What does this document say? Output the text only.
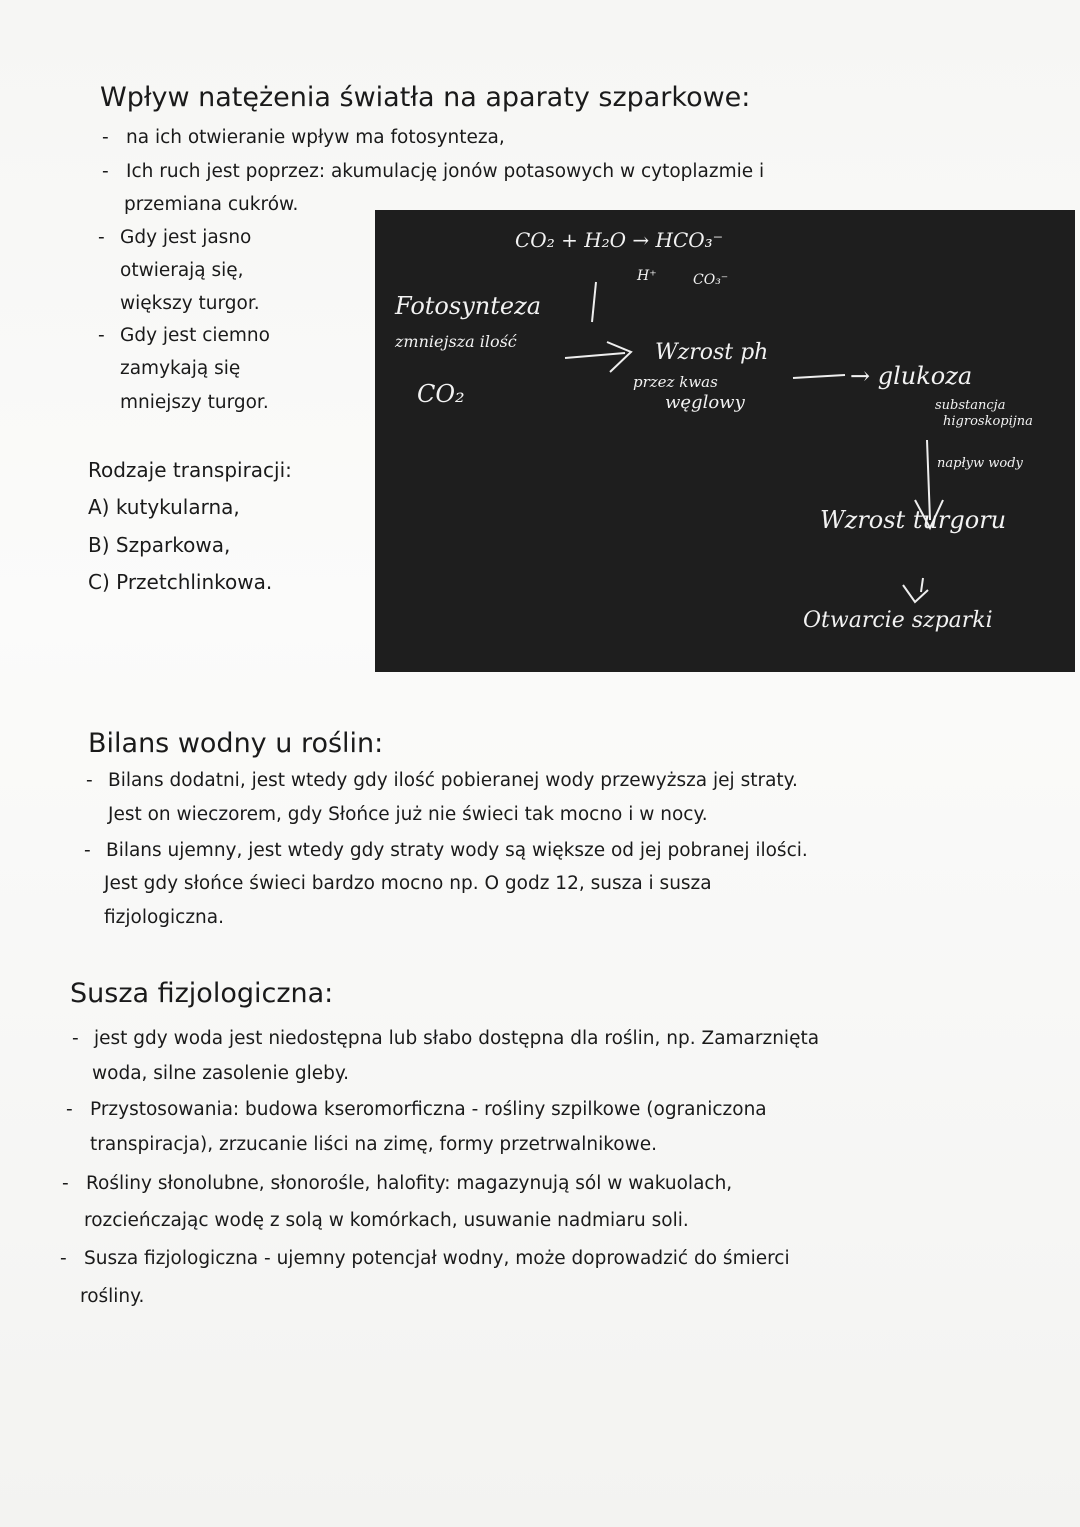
Wpływ natężenia światła na aparaty szparkowe:
- na ich otwieranie wpływ ma fotosynteza,
- Ich ruch jest poprzez: akumulację jonów potasowych w cytoplazmie i
przemiana cukrów.
- Gdy jest jasno
otwierają się,
większy turgor.
- Gdy jest ciemno
zamykają się
mniejszy turgor.
Rodzaje transpiracji:
A) kutykularna,
B) Szparkowa,
C) Przetchlinkowa.
CO₂ + H₂O → HCO₃⁻
H⁺	CO₃⁻
Fotosynteza
zmniejsza ilość
CO₂
Wzrost ph
przez kwas
węglowy
→ glukoza
substancja
higroskopijna
napływ wody
Wzrost turgoru
Otwarcie szparki
Bilans wodny u roślin:
- Bilans dodatni, jest wtedy gdy ilość pobieranej wody przewyższa jej straty.
Jest on wieczorem, gdy Słońce już nie świeci tak mocno i w nocy.
- Bilans ujemny, jest wtedy gdy straty wody są większe od jej pobranej ilości.
Jest gdy słońce świeci bardzo mocno np. O godz 12, susza i susza
fizjologiczna.
Susza fizjologiczna:
- jest gdy woda jest niedostępna lub słabo dostępna dla roślin, np. Zamarznięta
woda, silne zasolenie gleby.
- Przystosowania: budowa kseromorficzna - rośliny szpilkowe (ograniczona
transpiracja), zrzucanie liści na zimę, formy przetrwalnikowe.
- Rośliny słonolubne, słonorośle, halofity: magazynują sól w wakuolach,
rozcieńczając wodę z solą w komórkach, usuwanie nadmiaru soli.
- Susza fizjologiczna - ujemny potencjał wodny, może doprowadzić do śmierci
rośliny.
